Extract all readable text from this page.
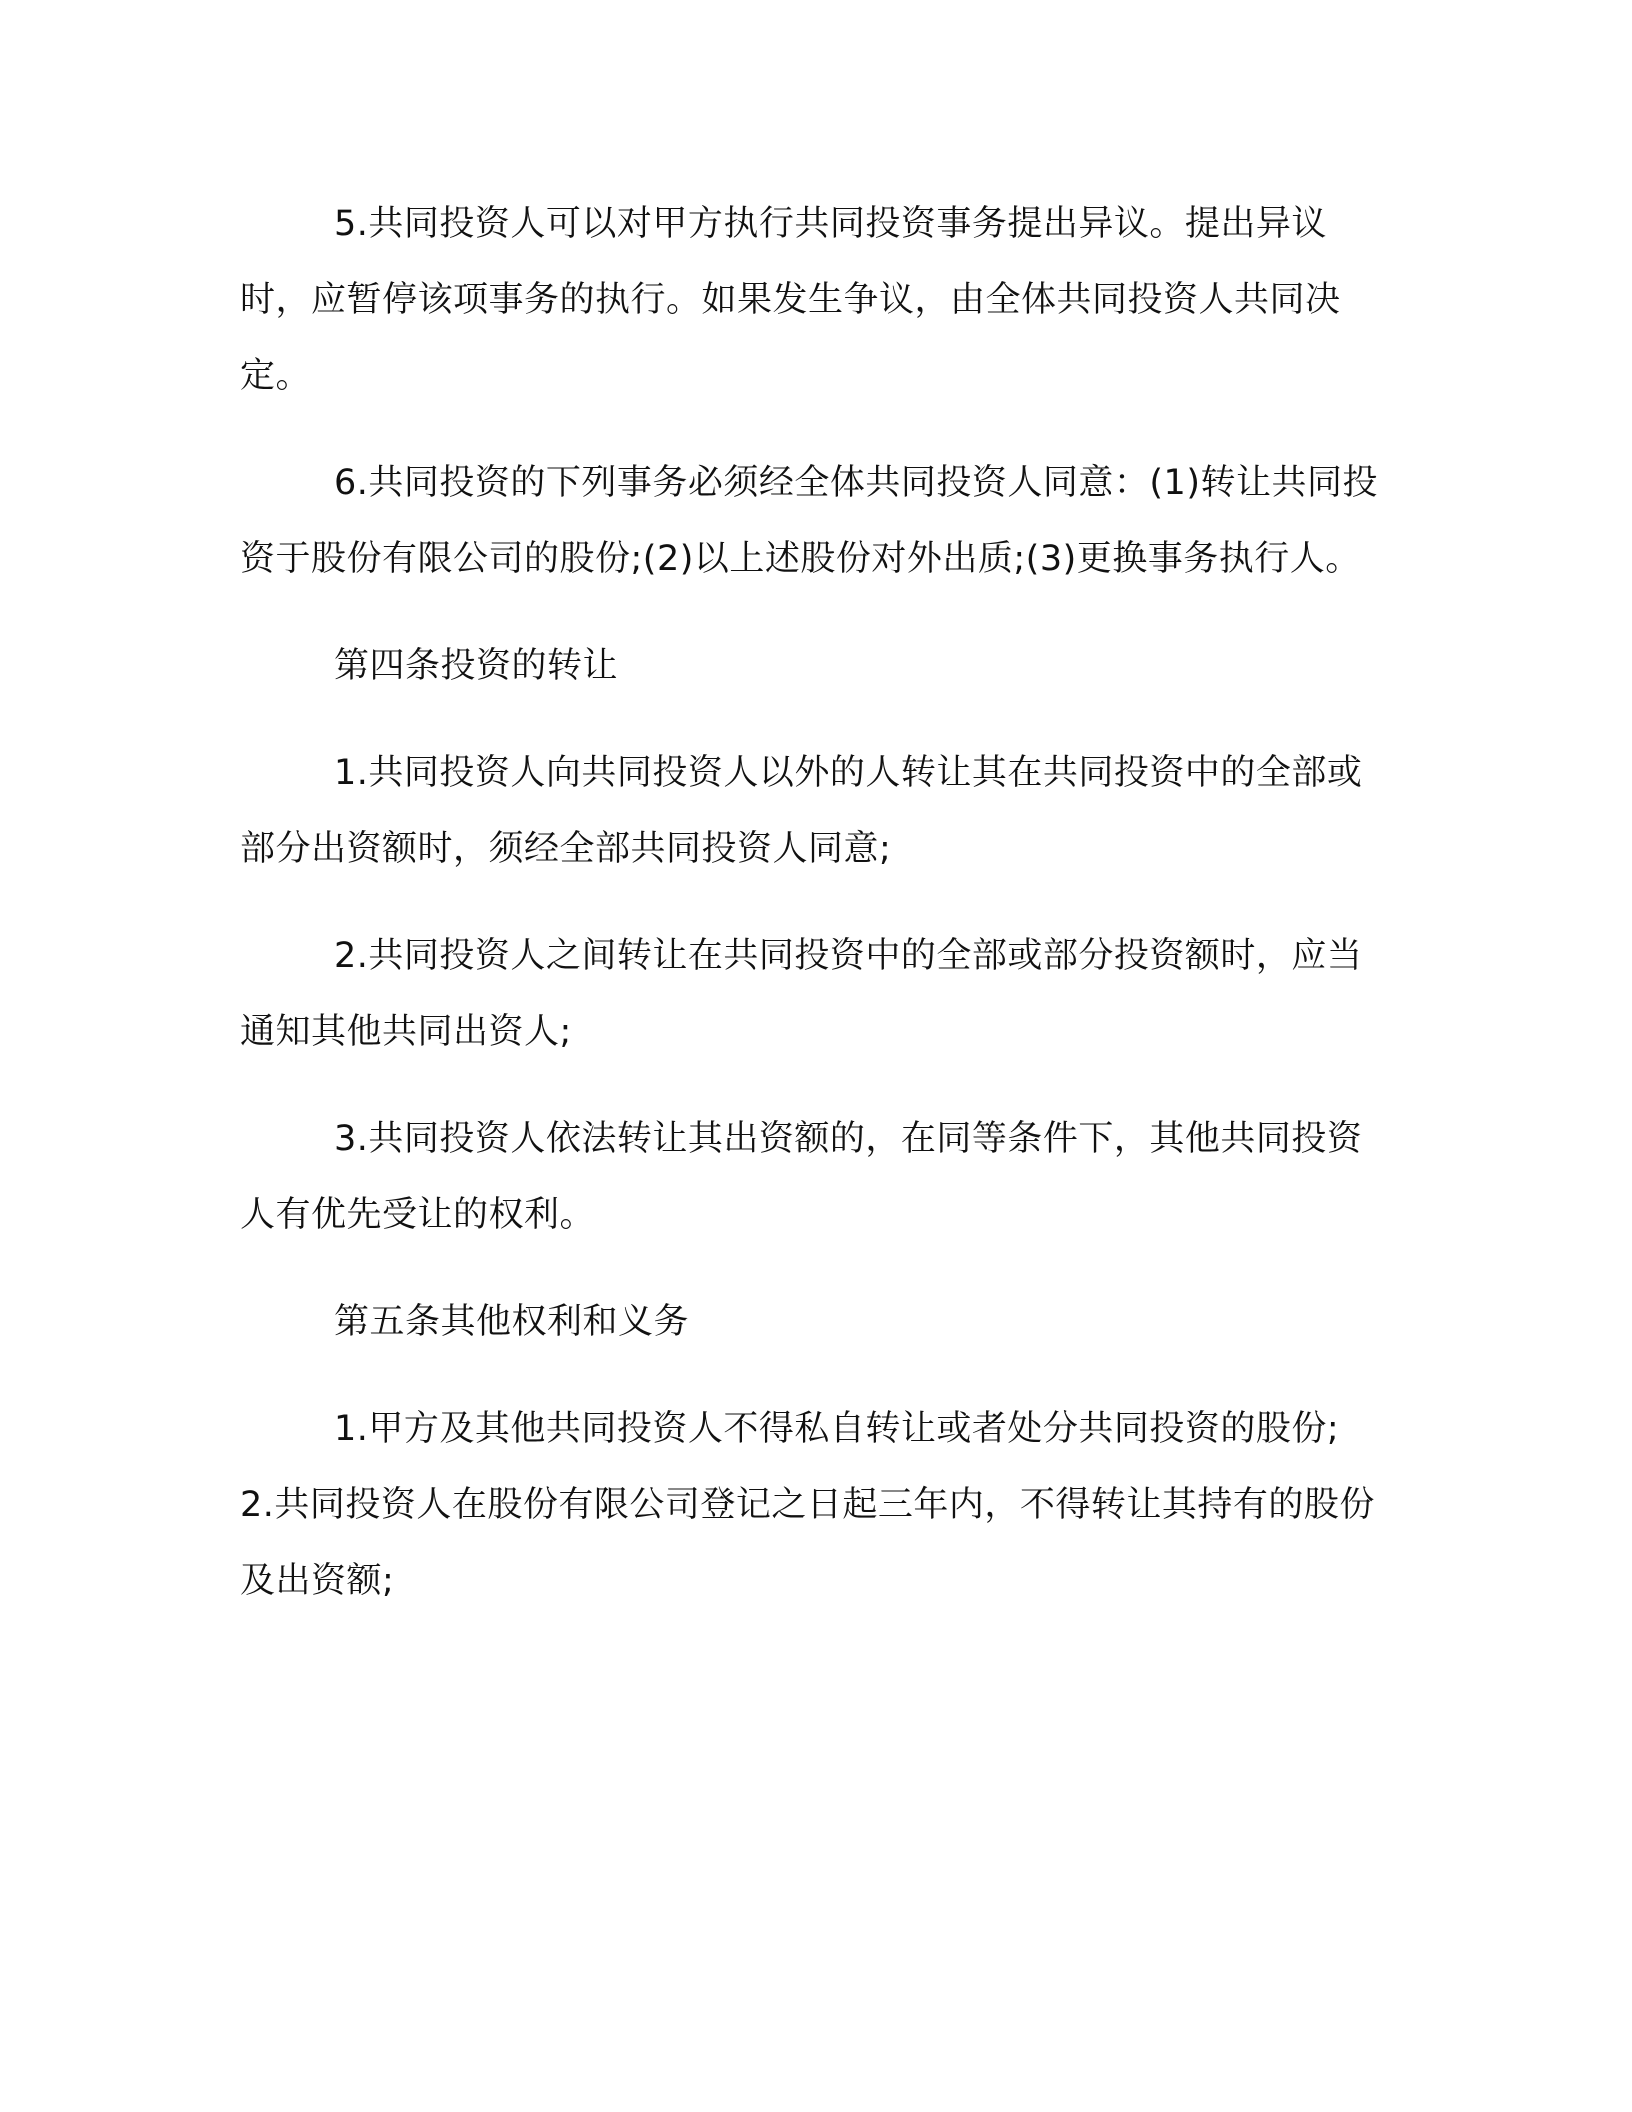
5.共同投资人可以对甲方执行共同投资事务提出异议。提出异议时，应暂停该项事务的执行。如果发生争议，由全体共同投资人共同决定。

6.共同投资的下列事务必须经全体共同投资人同意：(1)转让共同投资于股份有限公司的股份;(2)以上述股份对外出质;(3)更换事务执行人。

第四条投资的转让

1.共同投资人向共同投资人以外的人转让其在共同投资中的全部或部分出资额时，须经全部共同投资人同意;

2.共同投资人之间转让在共同投资中的全部或部分投资额时，应当通知其他共同出资人;

3.共同投资人依法转让其出资额的，在同等条件下，其他共同投资人有优先受让的权利。

第五条其他权利和义务

1.甲方及其他共同投资人不得私自转让或者处分共同投资的股份;

2.共同投资人在股份有限公司登记之日起三年内，不得转让其持有的股份及出资额;
